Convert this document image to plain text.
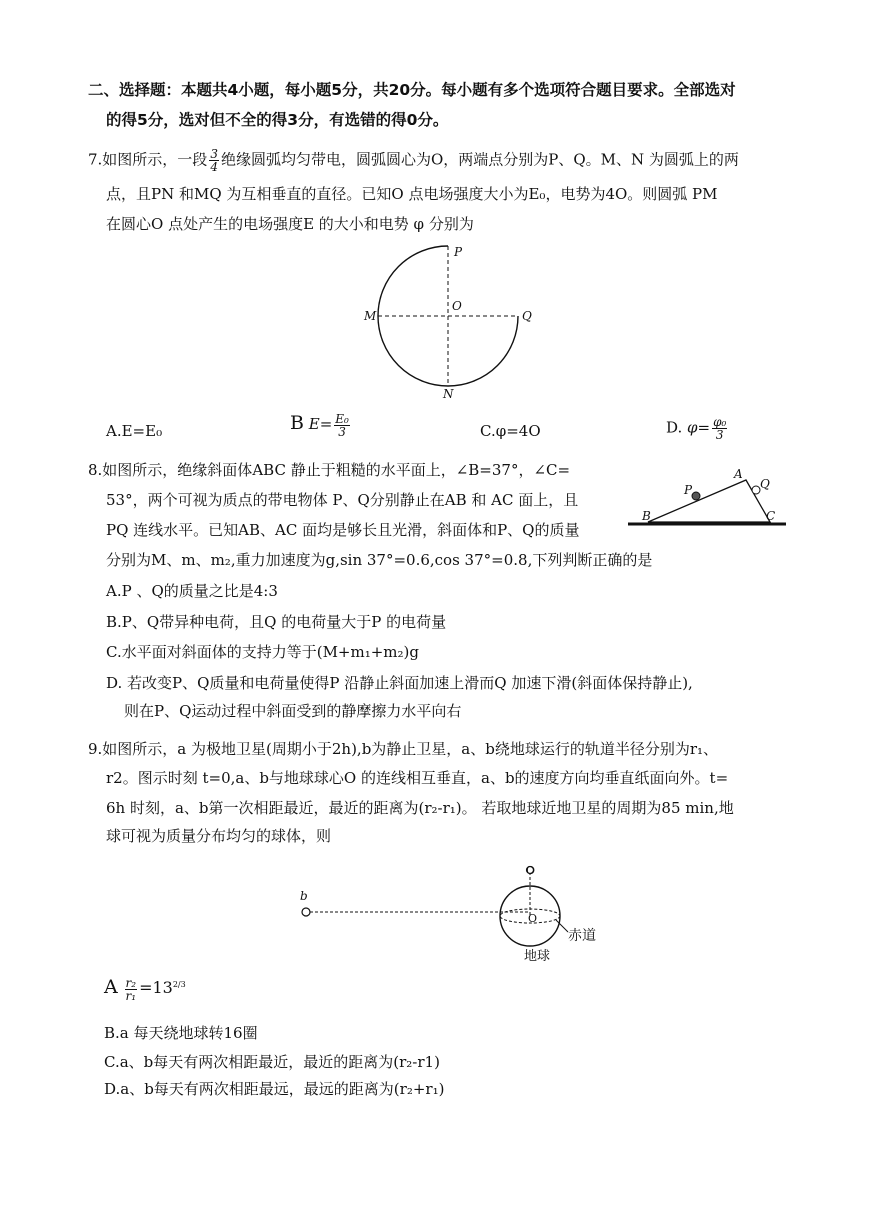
二、选择题：本题共4小题，每小题5分，共20分。每小题有多个选项符合题目要求。全部选对
的得5分，选对但不全的得3分，有选错的得0分。
7.如图所示，一段 $\frac{3}{4}$ 绝缘圆弧均匀带电，圆弧圆心为O，两端点分别为P、Q。M、N 为圆弧上的两
点，且PN 和MQ 为互相垂直的直径。已知O 点电场强度大小为E₀，电势为4O。则圆弧 PM
在圆心O 点处产生的电场强度E 的大小和电势 φ 分别为
P
O
M	Q
N
A.E=E₀	B $E= \frac{\text{E₀}}{3}$	C.φ=4O	D. $\varphi= \frac{\text{φ₀}}{3}$
8.如图所示，绝缘斜面体ABC 静止于粗糙的水平面上，∠B=37°，∠C=
53°，两个可视为质点的带电物体 P、Q分别静止在AB 和 AC 面上，且
PQ 连线水平。已知AB、AC 面均是够长且光滑，斜面体和P、Q的质量
分别为M、m、m₂,重力加速度为g,sin 37°=0.6,cos 37°=0.8,下列判断正确的是
A
B	C
P	Q
A.P 、Q的质量之比是4:3
B.P、Q带异种电荷，且Q 的电荷量大于P 的电荷量
C.水平面对斜面体的支持力等于(M+m₁+m₂)g
D. 若改变P、Q质量和电荷量使得P 沿静止斜面加速上滑而Q 加速下滑(斜面体保持静止),
则在P、Q运动过程中斜面受到的静摩擦力水平向右
9.如图所示，a 为极地卫星(周期小于2h),b为静止卫星，a、b绕地球运行的轨道半径分别为r₁、
r2。图示时刻 t=0,a、b与地球球心O 的连线相互垂直，a、b的速度方向均垂直纸面向外。t=
6h 时刻，a、b第一次相距最近，最近的距离为(r₂-r₁)。 若取地球近地卫星的周期为85 min,地
球可视为质量分布均匀的球体，则
b
O
O
赤道
地球
A $\frac{\text{r₂}}{\text{r₁}} =13^{2/3}$
B.a 每天绕地球转16圈
C.a、b每天有两次相距最近，最近的距离为(r₂-r1)
D.a、b每天有两次相距最远，最远的距离为(r₂+r₁)
